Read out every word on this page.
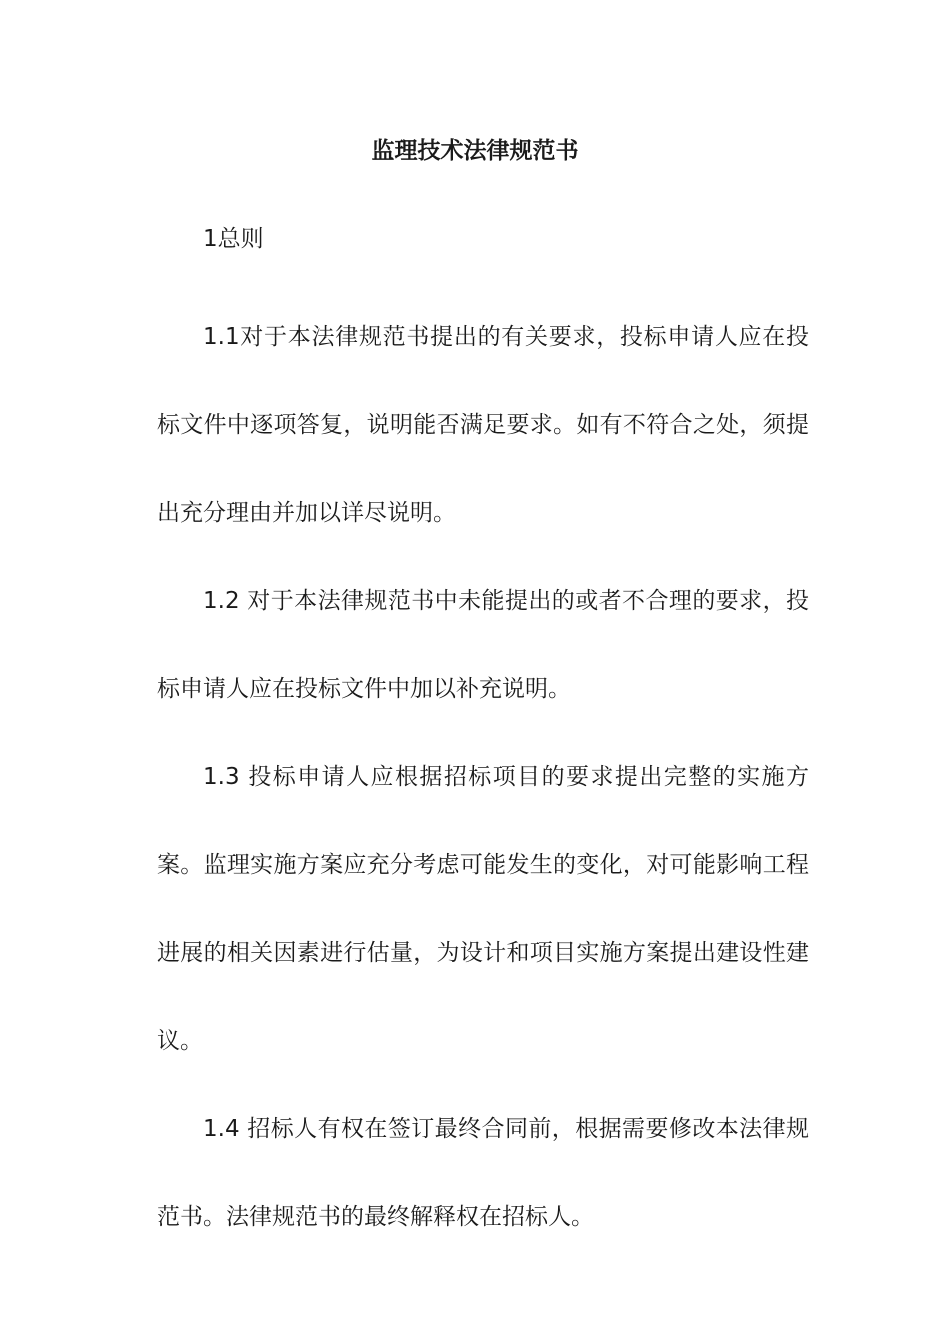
监理技术法律规范书

1总则

1.1对于本法律规范书提出的有关要求，投标申请人应在投标文件中逐项答复，说明能否满足要求。如有不符合之处，须提出充分理由并加以详尽说明。

1.2 对于本法律规范书中未能提出的或者不合理的要求，投标申请人应在投标文件中加以补充说明。

1.3 投标申请人应根据招标项目的要求提出完整的实施方案。监理实施方案应充分考虑可能发生的变化，对可能影响工程进展的相关因素进行估量，为设计和项目实施方案提出建设性建议。

1.4 招标人有权在签订最终合同前，根据需要修改本法律规范书。法律规范书的最终解释权在招标人。
